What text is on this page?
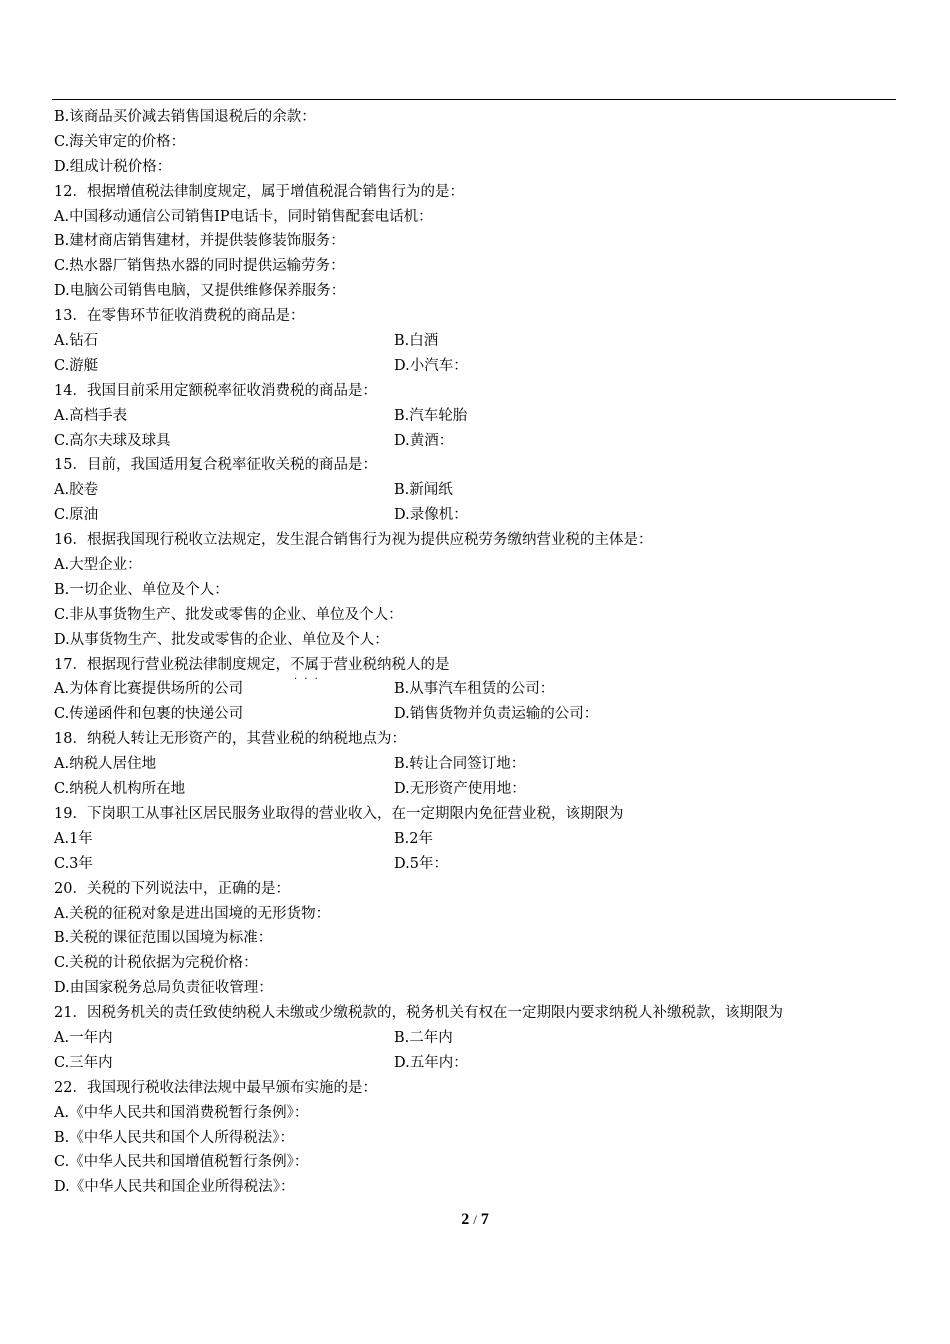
B.该商品买价减去销售国退税后的余款：
C.海关审定的价格：
D.组成计税价格：
12．根据增值税法律制度规定，属于增值税混合销售行为的是：
A.中国移动通信公司销售IP电话卡，同时销售配套电话机：
B.建材商店销售建材，并提供装修装饰服务：
C.热水器厂销售热水器的同时提供运输劳务：
D.电脑公司销售电脑，又提供维修保养服务：
13．在零售环节征收消费税的商品是：
A.钻石	B.白酒
C.游艇	D.小汽车：
14．我国目前采用定额税率征收消费税的商品是：
A.高档手表	B.汽车轮胎
C.高尔夫球及球具	D.黄酒：
15．目前，我国适用复合税率征收关税的商品是：
A.胶卷	B.新闻纸
C.原油	D.录像机：
16．根据我国现行税收立法规定，发生混合销售行为视为提供应税劳务缴纳营业税的主体是：
A.大型企业：
B.一切企业、单位及个人：
C.非从事货物生产、批发或零售的企业、单位及个人：
D.从事货物生产、批发或零售的企业、单位及个人：
17．根据现行营业税法律制度规定，不属于 · · ·营业税纳税人的是
A.为体育比赛提供场所的公司	B.从事汽车租赁的公司：
C.传递函件和包裹的快递公司	D.销售货物并负责运输的公司：
18．纳税人转让无形资产的，其营业税的纳税地点为：
A.纳税人居住地	B.转让合同签订地：
C.纳税人机构所在地	D.无形资产使用地：
19．下岗职工从事社区居民服务业取得的营业收入，在一定期限内免征营业税，该期限为
A.1年	B.2年
C.3年	D.5年：
20．关税的下列说法中，正确的是：
A.关税的征税对象是进出国境的无形货物：
B.关税的课征范围以国境为标准：
C.关税的计税依据为完税价格：
D.由国家税务总局负责征收管理：
21．因税务机关的责任致使纳税人未缴或少缴税款的，税务机关有权在一定期限内要求纳税人补缴税款，该期限为
A.一年内	B.二年内
C.三年内	D.五年内：
22．我国现行税收法律法规中最早颁布实施的是：
A.《中华人民共和国消费税暂行条例》：
B.《中华人民共和国个人所得税法》：
C.《中华人民共和国增值税暂行条例》：
D.《中华人民共和国企业所得税法》：
2 / 7
